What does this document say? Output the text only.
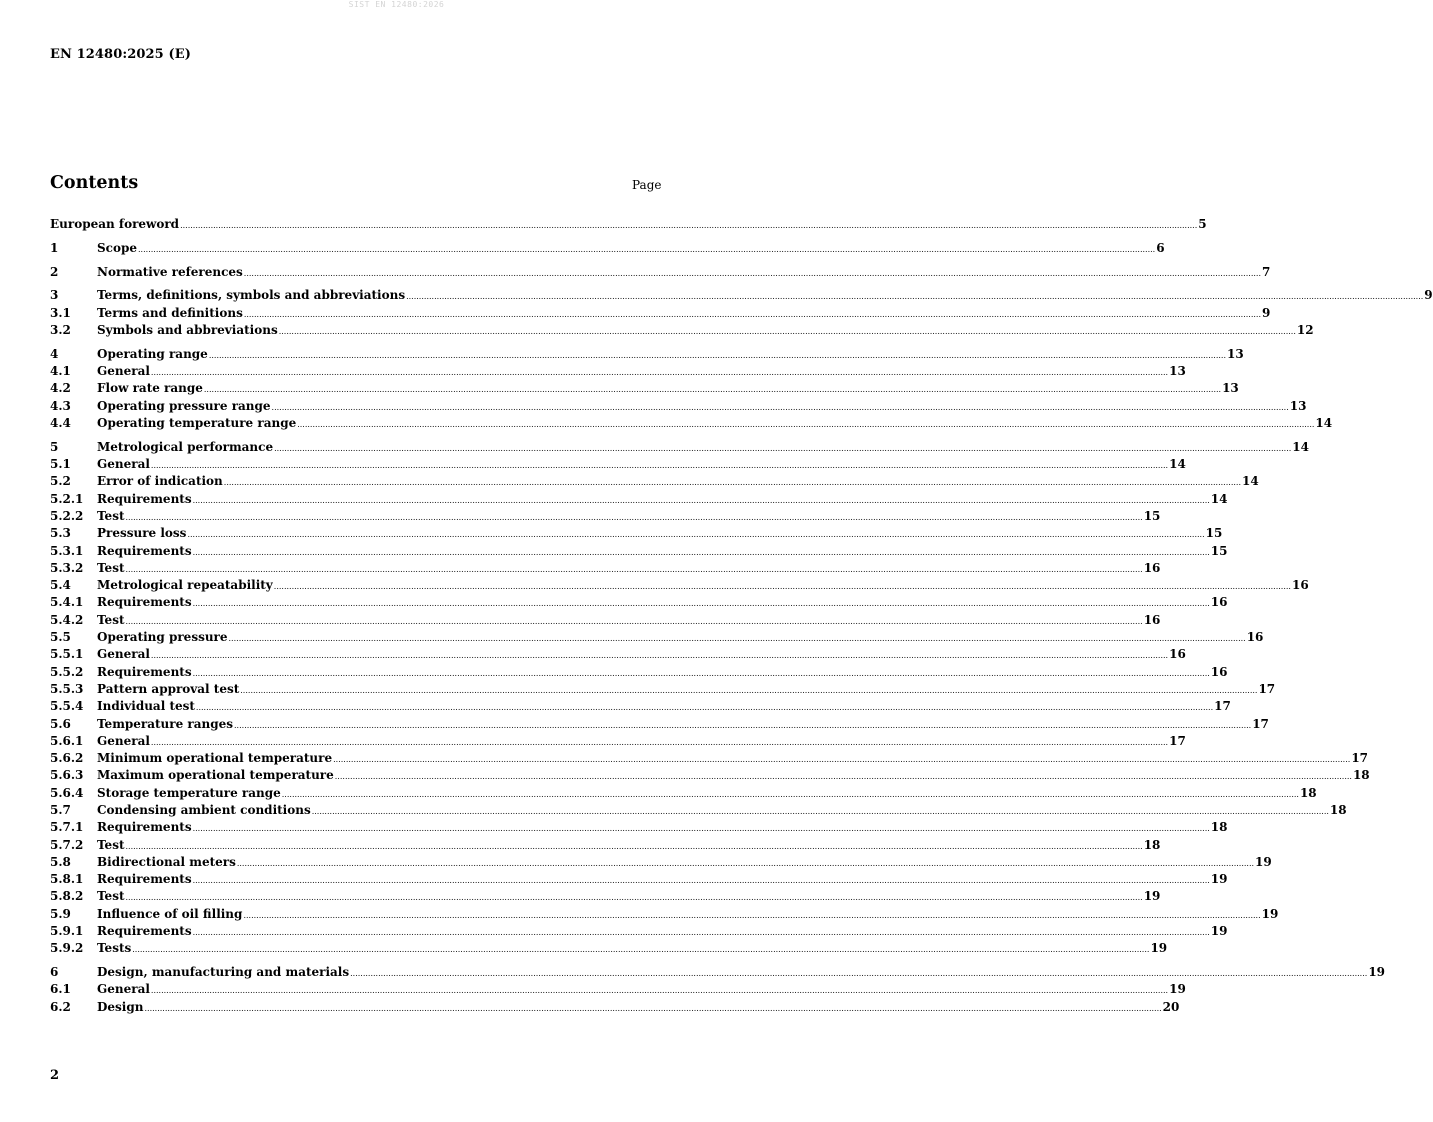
SIST EN 12480:2026
EN 12480:2025 (E)
Contents	Page
European foreword ................................................................................................................................................................................................................................................................................................................................................................................................................ 5
1	Scope ................................................................................................................................................................................................................................................................................................................................................................................................................ 6
2	Normative references ................................................................................................................................................................................................................................................................................................................................................................................................................ 7
3	Terms, definitions, symbols and abbreviations ................................................................................................................................................................................................................................................................................................................................................................................................................ 9
3.1	Terms and definitions ................................................................................................................................................................................................................................................................................................................................................................................................................ 9
3.2	Symbols and abbreviations ................................................................................................................................................................................................................................................................................................................................................................................................................ 12
4	Operating range ................................................................................................................................................................................................................................................................................................................................................................................................................ 13
4.1	General ................................................................................................................................................................................................................................................................................................................................................................................................................ 13
4.2	Flow rate range ................................................................................................................................................................................................................................................................................................................................................................................................................ 13
4.3	Operating pressure range ................................................................................................................................................................................................................................................................................................................................................................................................................ 13
4.4	Operating temperature range ................................................................................................................................................................................................................................................................................................................................................................................................................ 14
5	Metrological performance ................................................................................................................................................................................................................................................................................................................................................................................................................ 14
5.1	General ................................................................................................................................................................................................................................................................................................................................................................................................................ 14
5.2	Error of indication ................................................................................................................................................................................................................................................................................................................................................................................................................ 14
5.2.1	Requirements ................................................................................................................................................................................................................................................................................................................................................................................................................ 14
5.2.2	Test ................................................................................................................................................................................................................................................................................................................................................................................................................ 15
5.3	Pressure loss ................................................................................................................................................................................................................................................................................................................................................................................................................ 15
5.3.1	Requirements ................................................................................................................................................................................................................................................................................................................................................................................................................ 15
5.3.2	Test ................................................................................................................................................................................................................................................................................................................................................................................................................ 16
5.4	Metrological repeatability ................................................................................................................................................................................................................................................................................................................................................................................................................ 16
5.4.1	Requirements ................................................................................................................................................................................................................................................................................................................................................................................................................ 16
5.4.2	Test ................................................................................................................................................................................................................................................................................................................................................................................................................ 16
5.5	Operating pressure ................................................................................................................................................................................................................................................................................................................................................................................................................ 16
5.5.1	General ................................................................................................................................................................................................................................................................................................................................................................................................................ 16
5.5.2	Requirements ................................................................................................................................................................................................................................................................................................................................................................................................................ 16
5.5.3	Pattern approval test ................................................................................................................................................................................................................................................................................................................................................................................................................ 17
5.5.4	Individual test ................................................................................................................................................................................................................................................................................................................................................................................................................ 17
5.6	Temperature ranges ................................................................................................................................................................................................................................................................................................................................................................................................................ 17
5.6.1	General ................................................................................................................................................................................................................................................................................................................................................................................................................ 17
5.6.2	Minimum operational temperature ................................................................................................................................................................................................................................................................................................................................................................................................................ 17
5.6.3	Maximum operational temperature ................................................................................................................................................................................................................................................................................................................................................................................................................ 18
5.6.4	Storage temperature range ................................................................................................................................................................................................................................................................................................................................................................................................................ 18
5.7	Condensing ambient conditions ................................................................................................................................................................................................................................................................................................................................................................................................................ 18
5.7.1	Requirements ................................................................................................................................................................................................................................................................................................................................................................................................................ 18
5.7.2	Test ................................................................................................................................................................................................................................................................................................................................................................................................................ 18
5.8	Bidirectional meters ................................................................................................................................................................................................................................................................................................................................................................................................................ 19
5.8.1	Requirements ................................................................................................................................................................................................................................................................................................................................................................................................................ 19
5.8.2	Test ................................................................................................................................................................................................................................................................................................................................................................................................................ 19
5.9	Influence of oil filling ................................................................................................................................................................................................................................................................................................................................................................................................................ 19
5.9.1	Requirements ................................................................................................................................................................................................................................................................................................................................................................................................................ 19
5.9.2	Tests ................................................................................................................................................................................................................................................................................................................................................................................................................ 19
6	Design, manufacturing and materials ................................................................................................................................................................................................................................................................................................................................................................................................................ 19
6.1	General ................................................................................................................................................................................................................................................................................................................................................................................................................ 19
6.2	Design ................................................................................................................................................................................................................................................................................................................................................................................................................ 20
2
